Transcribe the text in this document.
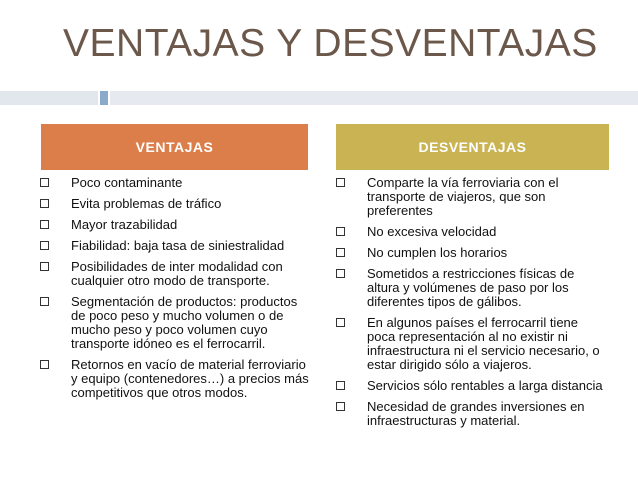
VENTAJAS Y DESVENTAJAS
VENTAJAS	DESVENTAJAS
Poco contaminante
Evita problemas de tráfico
Mayor trazabilidad
Fiabilidad: baja tasa de siniestralidad
Posibilidades de inter modalidad con cualquier otro modo de transporte.
Segmentación de productos: productos de poco peso y mucho volumen o de mucho peso y poco volumen cuyo transporte idóneo es el ferrocarril.
Retornos en vacío de material ferroviario y equipo (contenedores…) a precios más competitivos que otros modos.
Comparte la vía ferroviaria con el transporte de viajeros, que son preferentes
No excesiva velocidad
No cumplen los horarios
Sometidos a restricciones físicas de altura y volúmenes de paso por los diferentes tipos de gálibos.
En algunos países el ferrocarril tiene poca representación al no existir ni infraestructura ni el servicio necesario, o estar dirigido sólo a viajeros.
Servicios sólo rentables a larga distancia
Necesidad de grandes inversiones en infraestructuras y material.
